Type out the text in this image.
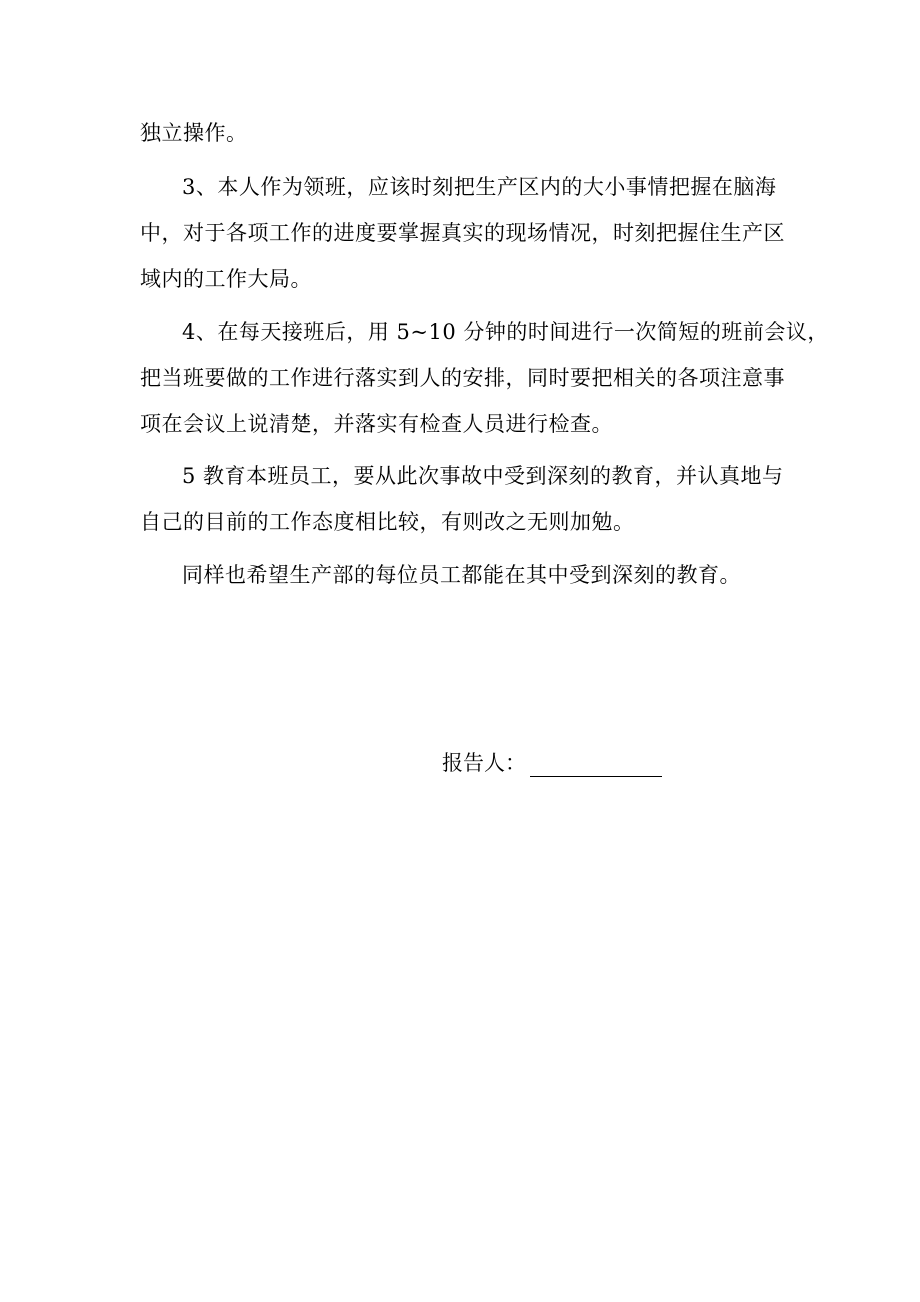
独立操作。
3、本人作为领班，应该时刻把生产区内的大小事情把握在脑海
中，对于各项工作的进度要掌握真实的现场情况，时刻把握住生产区
域内的工作大局。
4、在每天接班后，用 5~10 分钟的时间进行一次简短的班前会议，
把当班要做的工作进行落实到人的安排，同时要把相关的各项注意事
项在会议上说清楚，并落实有检查人员进行检查。
5 教育本班员工，要从此次事故中受到深刻的教育，并认真地与
自己的目前的工作态度相比较，有则改之无则加勉。
同样也希望生产部的每位员工都能在其中受到深刻的教育。
报告人：
